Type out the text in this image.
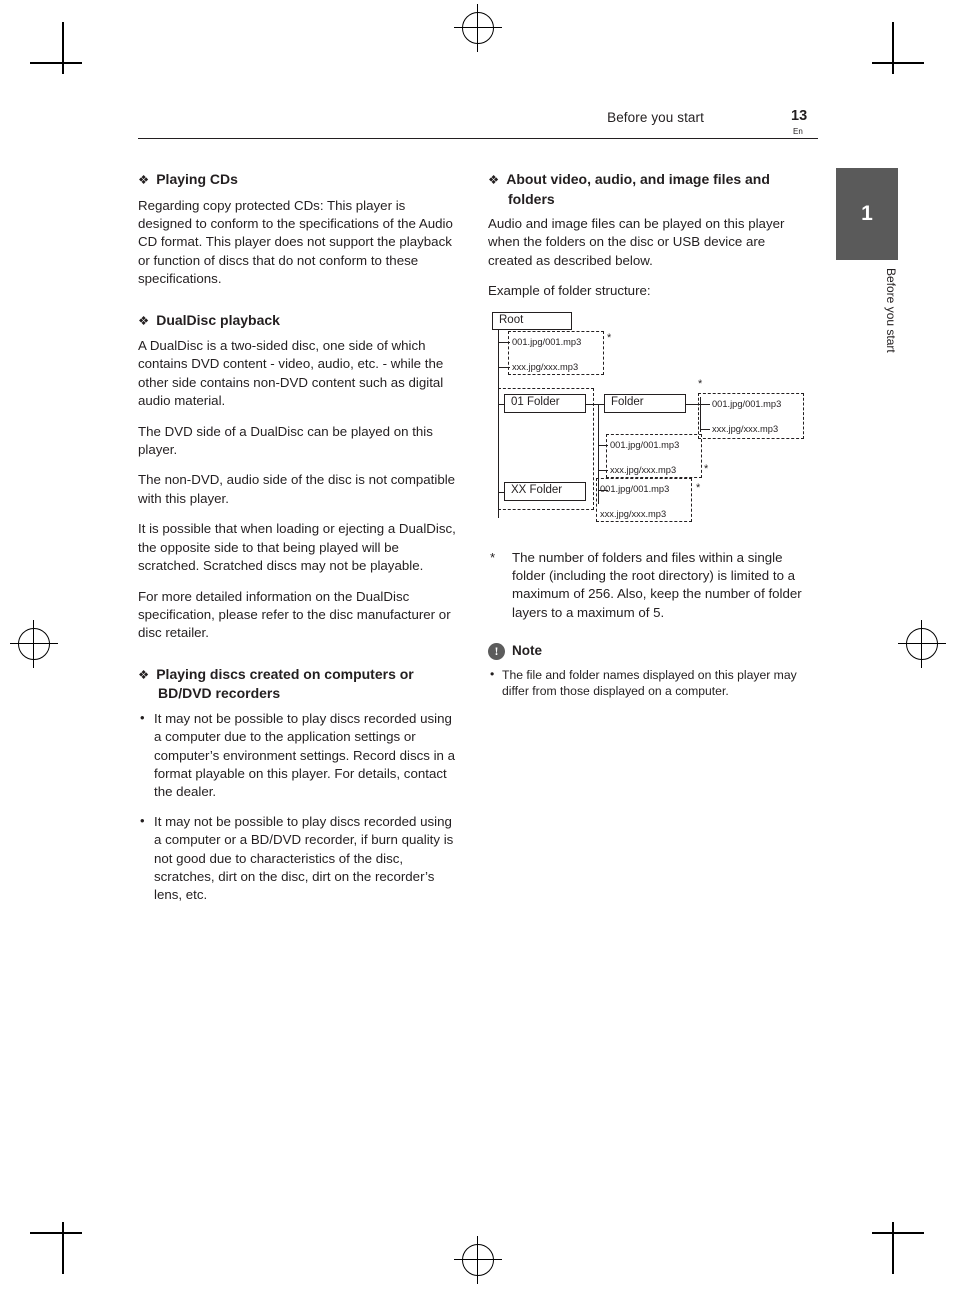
Before you start	13
En
1
Before you start
❖ Playing CDs

Regarding copy protected CDs: This player is designed to conform to the specifications of the Audio CD format. This player does not support the playback or function of discs that do not conform to these specifications.

❖ DualDisc playback

A DualDisc is a two-sided disc, one side of which contains DVD content - video, audio, etc. - while the other side contains non-DVD content such as digital audio material.

The DVD side of a DualDisc can be played on this player.

The non-DVD, audio side of the disc is not compatible with this player.

It is possible that when loading or ejecting a DualDisc, the opposite side to that being played will be scratched. Scratched discs may not be playable.

For more detailed information on the DualDisc specification, please refer to the disc manufacturer or disc retailer.

❖ Playing discs created on computers or BD/DVD recorders
• It may not be possible to play discs recorded using a computer due to the application settings or computer’s environment settings. Record discs in a format playable on this player. For details, contact the dealer.
• It may not be possible to play discs recorded using a computer or a BD/DVD recorder, if burn quality is not good due to characteristics of the disc, scratches, dirt on the disc, dirt on the recorder’s lens, etc.
❖ About video, audio, and image files and folders

Audio and image files can be played on this player when the folders on the disc or USB device are created as described below.

Example of folder structure:

Root
001.jpg/001.mp3
xxx.jpg/xxx.mp3
*
01 Folder
XX Folder
Folder
001.jpg/001.mp3
xxx.jpg/xxx.mp3	*
001.jpg/001.mp3
xxx.jpg/xxx.mp3
*
001.jpg/001.mp3
xxx.jpg/xxx.mp3
*

* The number of folders and files within a single folder (including the root directory) is limited to a maximum of 256. Also, keep the number of folder layers to a maximum of 5.

!	Note
• The file and folder names displayed on this player may differ from those displayed on a computer.
